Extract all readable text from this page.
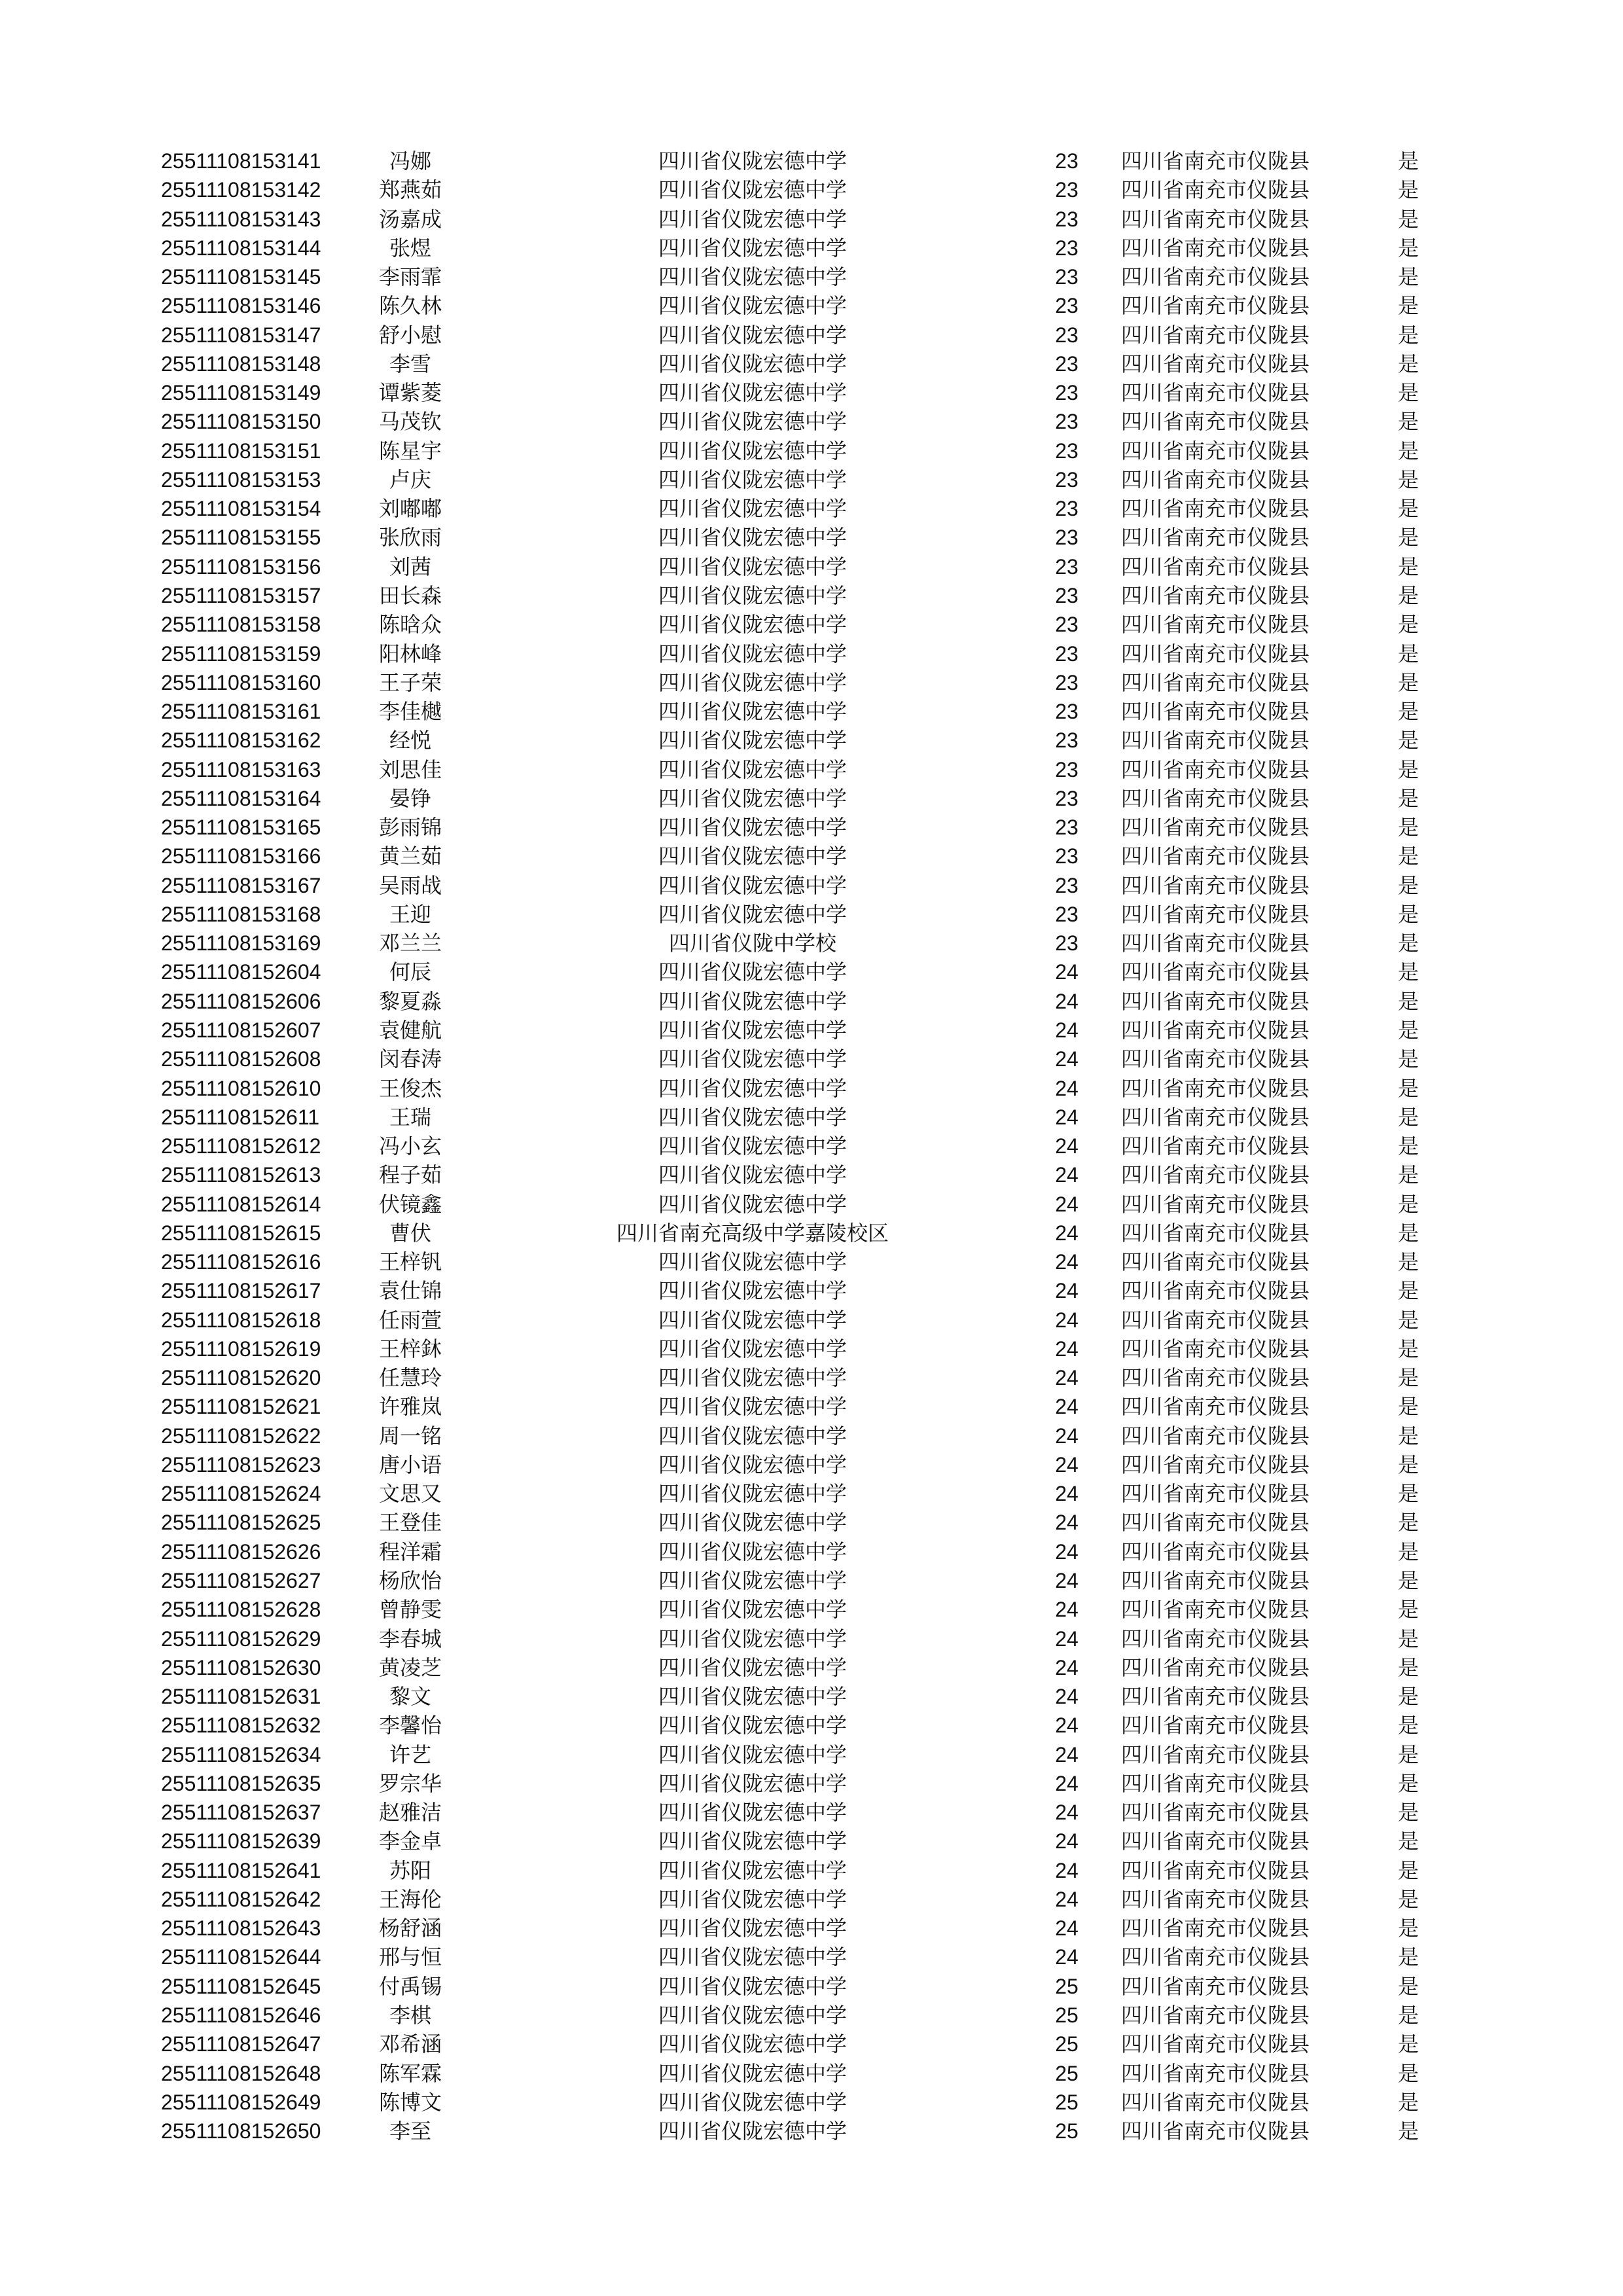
25511108153141	冯娜	四川省仪陇宏德中学	23	四川省南充市仪陇县	是
25511108153142	郑燕茹	四川省仪陇宏德中学	23	四川省南充市仪陇县	是
25511108153143	汤嘉成	四川省仪陇宏德中学	23	四川省南充市仪陇县	是
25511108153144	张煜	四川省仪陇宏德中学	23	四川省南充市仪陇县	是
25511108153145	李雨霏	四川省仪陇宏德中学	23	四川省南充市仪陇县	是
25511108153146	陈久林	四川省仪陇宏德中学	23	四川省南充市仪陇县	是
25511108153147	舒小慰	四川省仪陇宏德中学	23	四川省南充市仪陇县	是
25511108153148	李雪	四川省仪陇宏德中学	23	四川省南充市仪陇县	是
25511108153149	谭紫菱	四川省仪陇宏德中学	23	四川省南充市仪陇县	是
25511108153150	马茂钦	四川省仪陇宏德中学	23	四川省南充市仪陇县	是
25511108153151	陈星宇	四川省仪陇宏德中学	23	四川省南充市仪陇县	是
25511108153153	卢庆	四川省仪陇宏德中学	23	四川省南充市仪陇县	是
25511108153154	刘嘟嘟	四川省仪陇宏德中学	23	四川省南充市仪陇县	是
25511108153155	张欣雨	四川省仪陇宏德中学	23	四川省南充市仪陇县	是
25511108153156	刘茜	四川省仪陇宏德中学	23	四川省南充市仪陇县	是
25511108153157	田长森	四川省仪陇宏德中学	23	四川省南充市仪陇县	是
25511108153158	陈晗众	四川省仪陇宏德中学	23	四川省南充市仪陇县	是
25511108153159	阳林峰	四川省仪陇宏德中学	23	四川省南充市仪陇县	是
25511108153160	王子荣	四川省仪陇宏德中学	23	四川省南充市仪陇县	是
25511108153161	李佳樾	四川省仪陇宏德中学	23	四川省南充市仪陇县	是
25511108153162	经悦	四川省仪陇宏德中学	23	四川省南充市仪陇县	是
25511108153163	刘思佳	四川省仪陇宏德中学	23	四川省南充市仪陇县	是
25511108153164	晏铮	四川省仪陇宏德中学	23	四川省南充市仪陇县	是
25511108153165	彭雨锦	四川省仪陇宏德中学	23	四川省南充市仪陇县	是
25511108153166	黄兰茹	四川省仪陇宏德中学	23	四川省南充市仪陇县	是
25511108153167	吴雨战	四川省仪陇宏德中学	23	四川省南充市仪陇县	是
25511108153168	王迎	四川省仪陇宏德中学	23	四川省南充市仪陇县	是
25511108153169	邓兰兰	四川省仪陇中学校	23	四川省南充市仪陇县	是
25511108152604	何辰	四川省仪陇宏德中学	24	四川省南充市仪陇县	是
25511108152606	黎夏淼	四川省仪陇宏德中学	24	四川省南充市仪陇县	是
25511108152607	袁健航	四川省仪陇宏德中学	24	四川省南充市仪陇县	是
25511108152608	闵春涛	四川省仪陇宏德中学	24	四川省南充市仪陇县	是
25511108152610	王俊杰	四川省仪陇宏德中学	24	四川省南充市仪陇县	是
25511108152611	王瑞	四川省仪陇宏德中学	24	四川省南充市仪陇县	是
25511108152612	冯小玄	四川省仪陇宏德中学	24	四川省南充市仪陇县	是
25511108152613	程子茹	四川省仪陇宏德中学	24	四川省南充市仪陇县	是
25511108152614	伏镜鑫	四川省仪陇宏德中学	24	四川省南充市仪陇县	是
25511108152615	曹伏	四川省南充高级中学嘉陵校区	24	四川省南充市仪陇县	是
25511108152616	王梓钒	四川省仪陇宏德中学	24	四川省南充市仪陇县	是
25511108152617	袁仕锦	四川省仪陇宏德中学	24	四川省南充市仪陇县	是
25511108152618	任雨萱	四川省仪陇宏德中学	24	四川省南充市仪陇县	是
25511108152619	王梓鈢	四川省仪陇宏德中学	24	四川省南充市仪陇县	是
25511108152620	任慧玲	四川省仪陇宏德中学	24	四川省南充市仪陇县	是
25511108152621	许雅岚	四川省仪陇宏德中学	24	四川省南充市仪陇县	是
25511108152622	周一铭	四川省仪陇宏德中学	24	四川省南充市仪陇县	是
25511108152623	唐小语	四川省仪陇宏德中学	24	四川省南充市仪陇县	是
25511108152624	文思又	四川省仪陇宏德中学	24	四川省南充市仪陇县	是
25511108152625	王登佳	四川省仪陇宏德中学	24	四川省南充市仪陇县	是
25511108152626	程洋霜	四川省仪陇宏德中学	24	四川省南充市仪陇县	是
25511108152627	杨欣怡	四川省仪陇宏德中学	24	四川省南充市仪陇县	是
25511108152628	曾静雯	四川省仪陇宏德中学	24	四川省南充市仪陇县	是
25511108152629	李春城	四川省仪陇宏德中学	24	四川省南充市仪陇县	是
25511108152630	黄凌芝	四川省仪陇宏德中学	24	四川省南充市仪陇县	是
25511108152631	黎文	四川省仪陇宏德中学	24	四川省南充市仪陇县	是
25511108152632	李馨怡	四川省仪陇宏德中学	24	四川省南充市仪陇县	是
25511108152634	许艺	四川省仪陇宏德中学	24	四川省南充市仪陇县	是
25511108152635	罗宗华	四川省仪陇宏德中学	24	四川省南充市仪陇县	是
25511108152637	赵雅洁	四川省仪陇宏德中学	24	四川省南充市仪陇县	是
25511108152639	李金卓	四川省仪陇宏德中学	24	四川省南充市仪陇县	是
25511108152641	苏阳	四川省仪陇宏德中学	24	四川省南充市仪陇县	是
25511108152642	王海伦	四川省仪陇宏德中学	24	四川省南充市仪陇县	是
25511108152643	杨舒涵	四川省仪陇宏德中学	24	四川省南充市仪陇县	是
25511108152644	邢与恒	四川省仪陇宏德中学	24	四川省南充市仪陇县	是
25511108152645	付禹锡	四川省仪陇宏德中学	25	四川省南充市仪陇县	是
25511108152646	李棋	四川省仪陇宏德中学	25	四川省南充市仪陇县	是
25511108152647	邓希涵	四川省仪陇宏德中学	25	四川省南充市仪陇县	是
25511108152648	陈军霖	四川省仪陇宏德中学	25	四川省南充市仪陇县	是
25511108152649	陈博文	四川省仪陇宏德中学	25	四川省南充市仪陇县	是
25511108152650	李至	四川省仪陇宏德中学	25	四川省南充市仪陇县	是
